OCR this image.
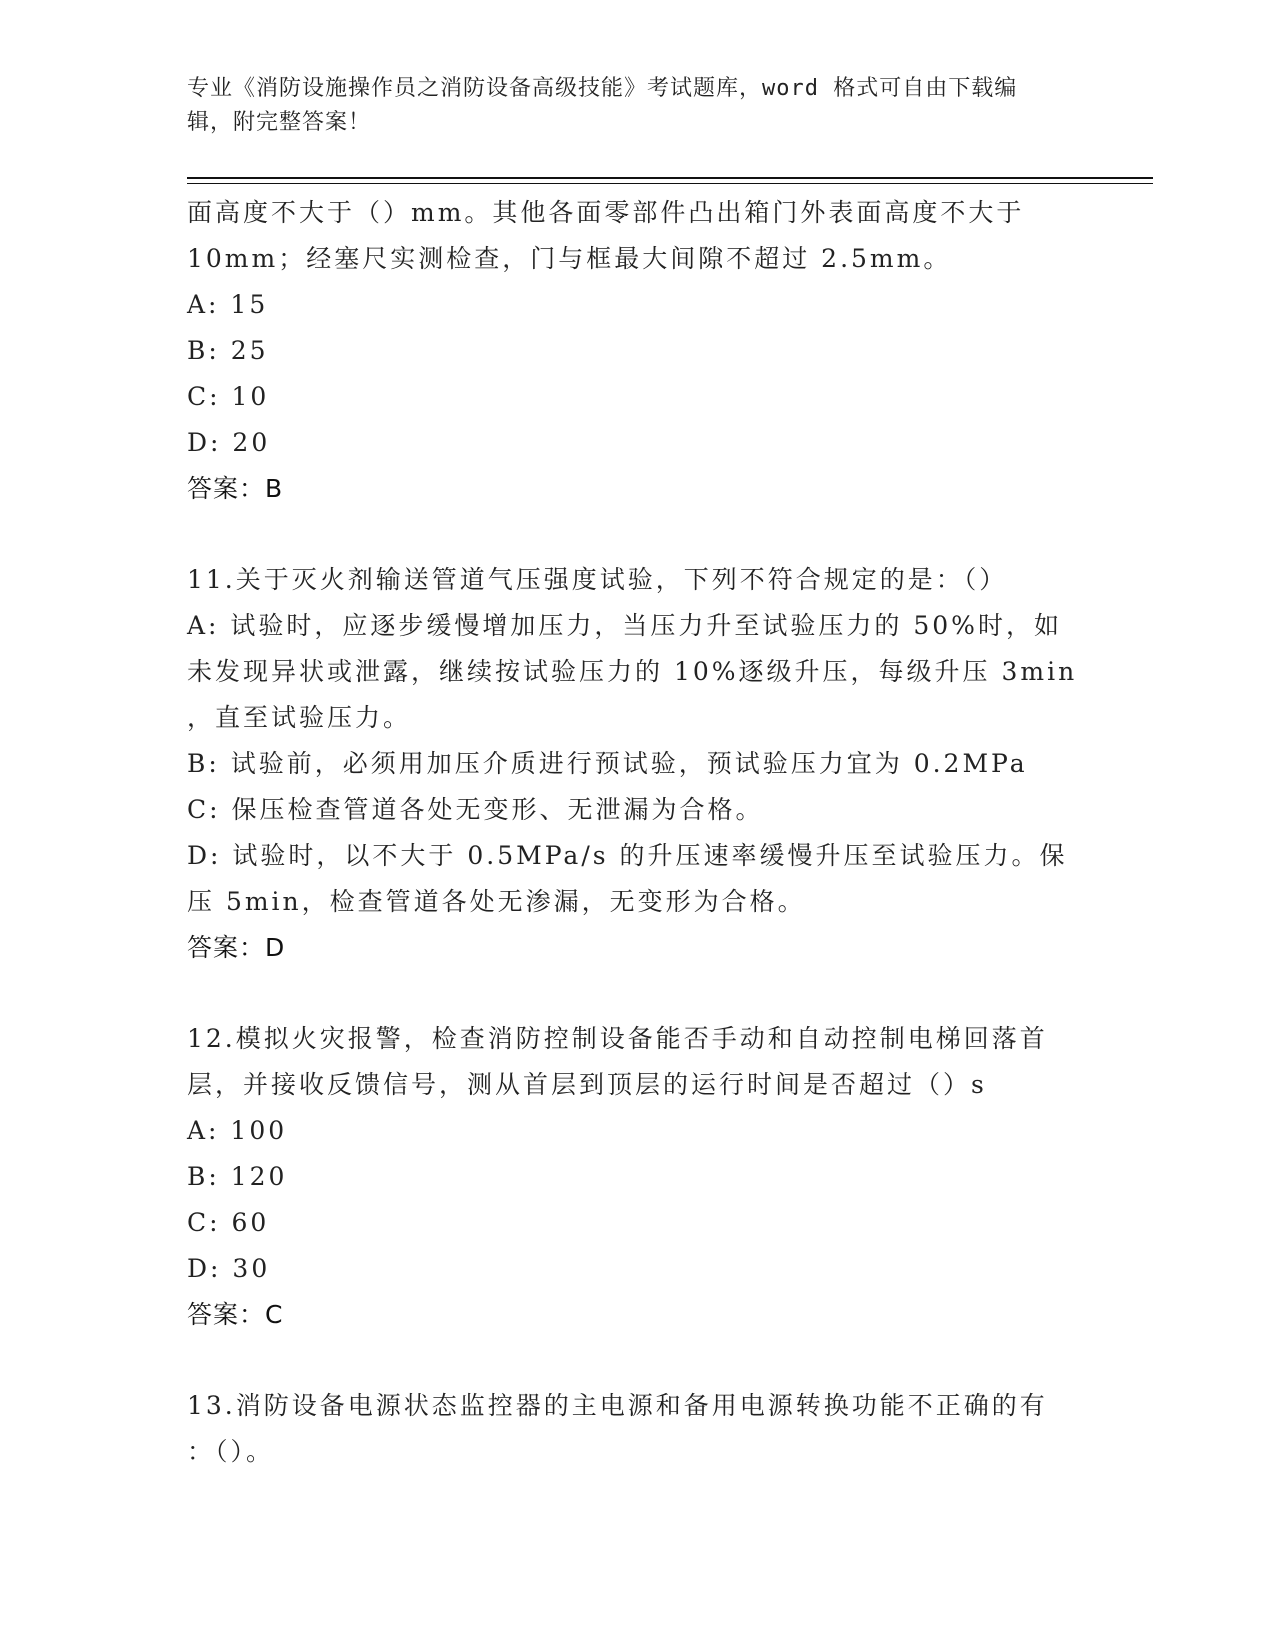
专业《消防设施操作员之消防设备高级技能》考试题库，word 格式可自由下载编
辑，附完整答案！
面高度不大于（）mm。其他各面零部件凸出箱门外表面高度不大于
10mm；经塞尺实测检查，门与框最大间隙不超过 2.5mm。
A: 15
B: 25
C: 10
D: 20
答案：B
11.关于灭火剂输送管道气压强度试验，下列不符合规定的是：（）
A: 试验时，应逐步缓慢增加压力，当压力升至试验压力的 50%时，如
未发现异状或泄露，继续按试验压力的 10%逐级升压，每级升压 3min
，直至试验压力。
B: 试验前，必须用加压介质进行预试验，预试验压力宜为 0.2MPa
C: 保压检查管道各处无变形、无泄漏为合格。
D: 试验时，以不大于 0.5MPa/s 的升压速率缓慢升压至试验压力。保
压 5min，检查管道各处无渗漏，无变形为合格。
答案：D
12.模拟火灾报警，检查消防控制设备能否手动和自动控制电梯回落首
层，并接收反馈信号，测从首层到顶层的运行时间是否超过（）s
A: 100
B: 120
C: 60
D: 30
答案：C
13.消防设备电源状态监控器的主电源和备用电源转换功能不正确的有
：（）。
